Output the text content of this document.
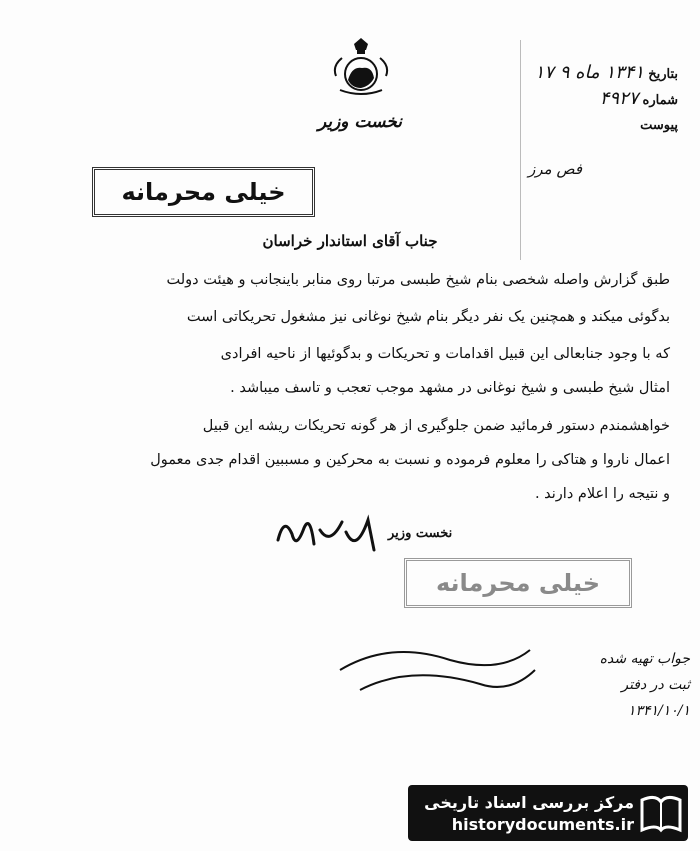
نخست وزیر
بتاریخ ۱۳۴۱ ماه ۹ ۱۷
شماره ۴۹۲۷
پیوست
فص مرز
خیلی محرمانه
جناب آقای استاندار خراسان
طبق گزارش واصله شخصی بنام شیخ طبسی مرتبا روی منابر باینجانب و هیئت دولت
بدگوئی میکند و همچنین یک نفر دیگر بنام شیخ نوغانی نیز مشغول تحریکاتی است
که با وجود جنابعالی این قبیل اقدامات و تحریکات و بدگوئیها از ناحیه افرادی
امثال شیخ طبسی و شیخ نوغانی در مشهد موجب تعجب و تاسف میباشد .
خواهشمندم دستور فرمائید ضمن جلوگیری از هر گونه تحریکات ریشه این قبیل
اعمال ناروا و هتاکی را معلوم فرموده و نسبت به محرکین و مسببین اقدام جدی معمول
و نتیجه را اعلام دارند .
نخست وزیر
خیلی محرمانه
جواب تهیه شده
ثبت در دفتر
۱۳۴۱/۱۰/۱
مرکز بررسی اسناد تاریخی
historydocuments.ir
